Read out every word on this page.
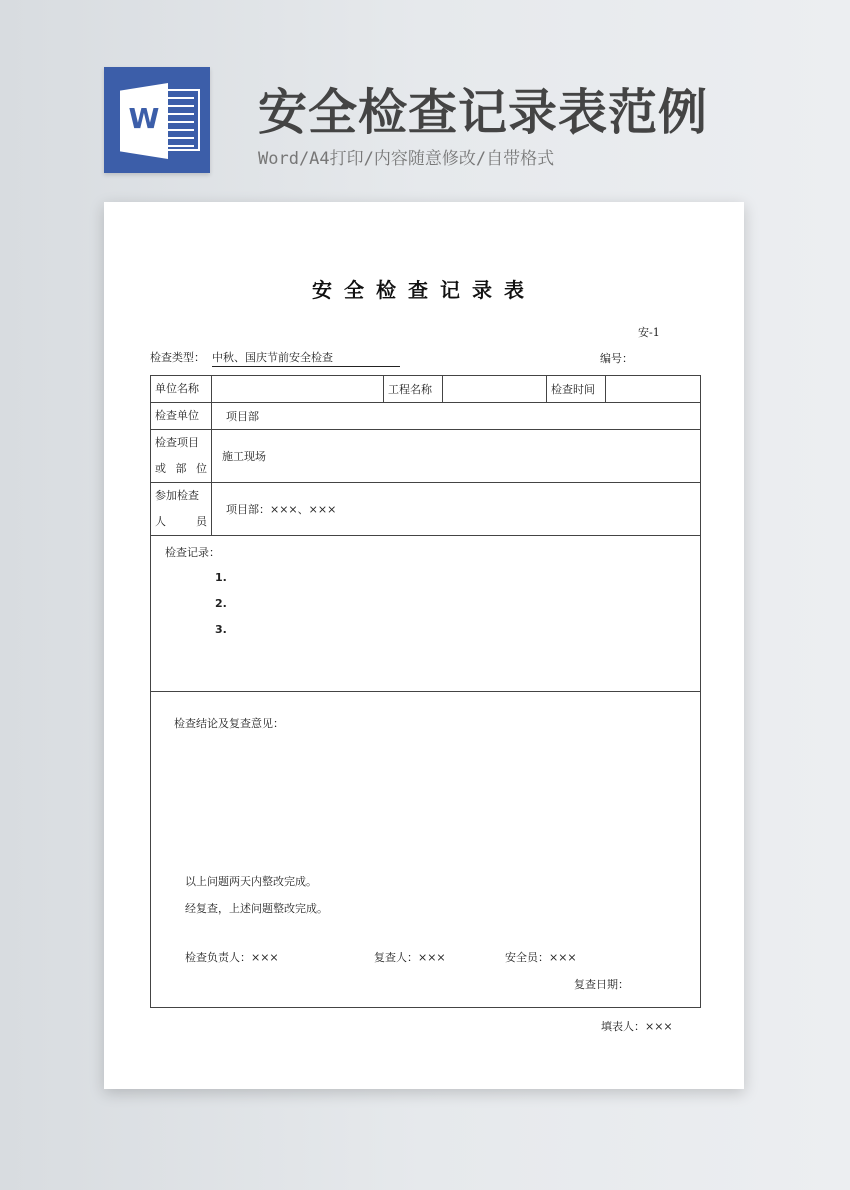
W 安全检查记录表范例
Word/A4打印/内容随意修改/自带格式
安全检查记录表
安-1
检查类型： 中秋、国庆节前安全检查	编号：
单位名称		工程名称		检查时间	
检查单位	项目部				

检查项目
或 部 位	施工现场				

参加检查
人 员	项目部：×××、×××				

检查记录：
1.
2.
3.					

检查结论及复查意见：
以上问题两天内整改完成。
经复查，上述问题整改完成。
检查负责人：×××	复查人：×××	安全员：×××
复查日期：
填表人：×××
